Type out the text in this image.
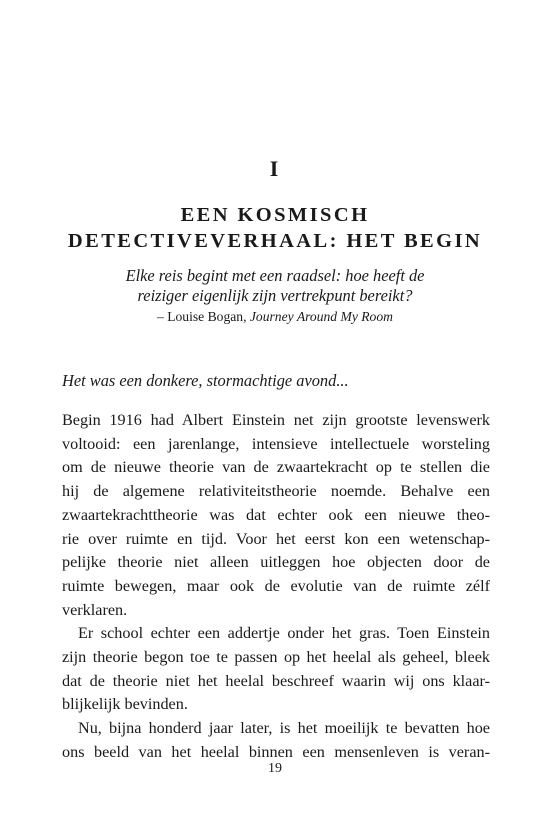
I
EEN KOSMISCH
DETECTIVEVERHAAL: HET BEGIN
Elke reis begint met een raadsel: hoe heeft de
reiziger eigenlijk zijn vertrekpunt bereikt?
– Louise Bogan, Journey Around My Room
Het was een donkere, stormachtige avond...
Begin 1916 had Albert Einstein net zijn grootste levenswerk
voltooid: een jarenlange, intensieve intellectuele worsteling
om de nieuwe theorie van de zwaartekracht op te stellen die
hij de algemene relativiteitstheorie noemde. Behalve een
zwaartekrachttheorie was dat echter ook een nieuwe theo-
rie over ruimte en tijd. Voor het eerst kon een wetenschap-
pelijke theorie niet alleen uitleggen hoe objecten door de
ruimte bewegen, maar ook de evolutie van de ruimte zélf
verklaren.
Er school echter een addertje onder het gras. Toen Einstein
zijn theorie begon toe te passen op het heelal als geheel, bleek
dat de theorie niet het heelal beschreef waarin wij ons klaar-
blijkelijk bevinden.
Nu, bijna honderd jaar later, is het moeilijk te bevatten hoe
ons beeld van het heelal binnen een mensenleven is veran-
19
